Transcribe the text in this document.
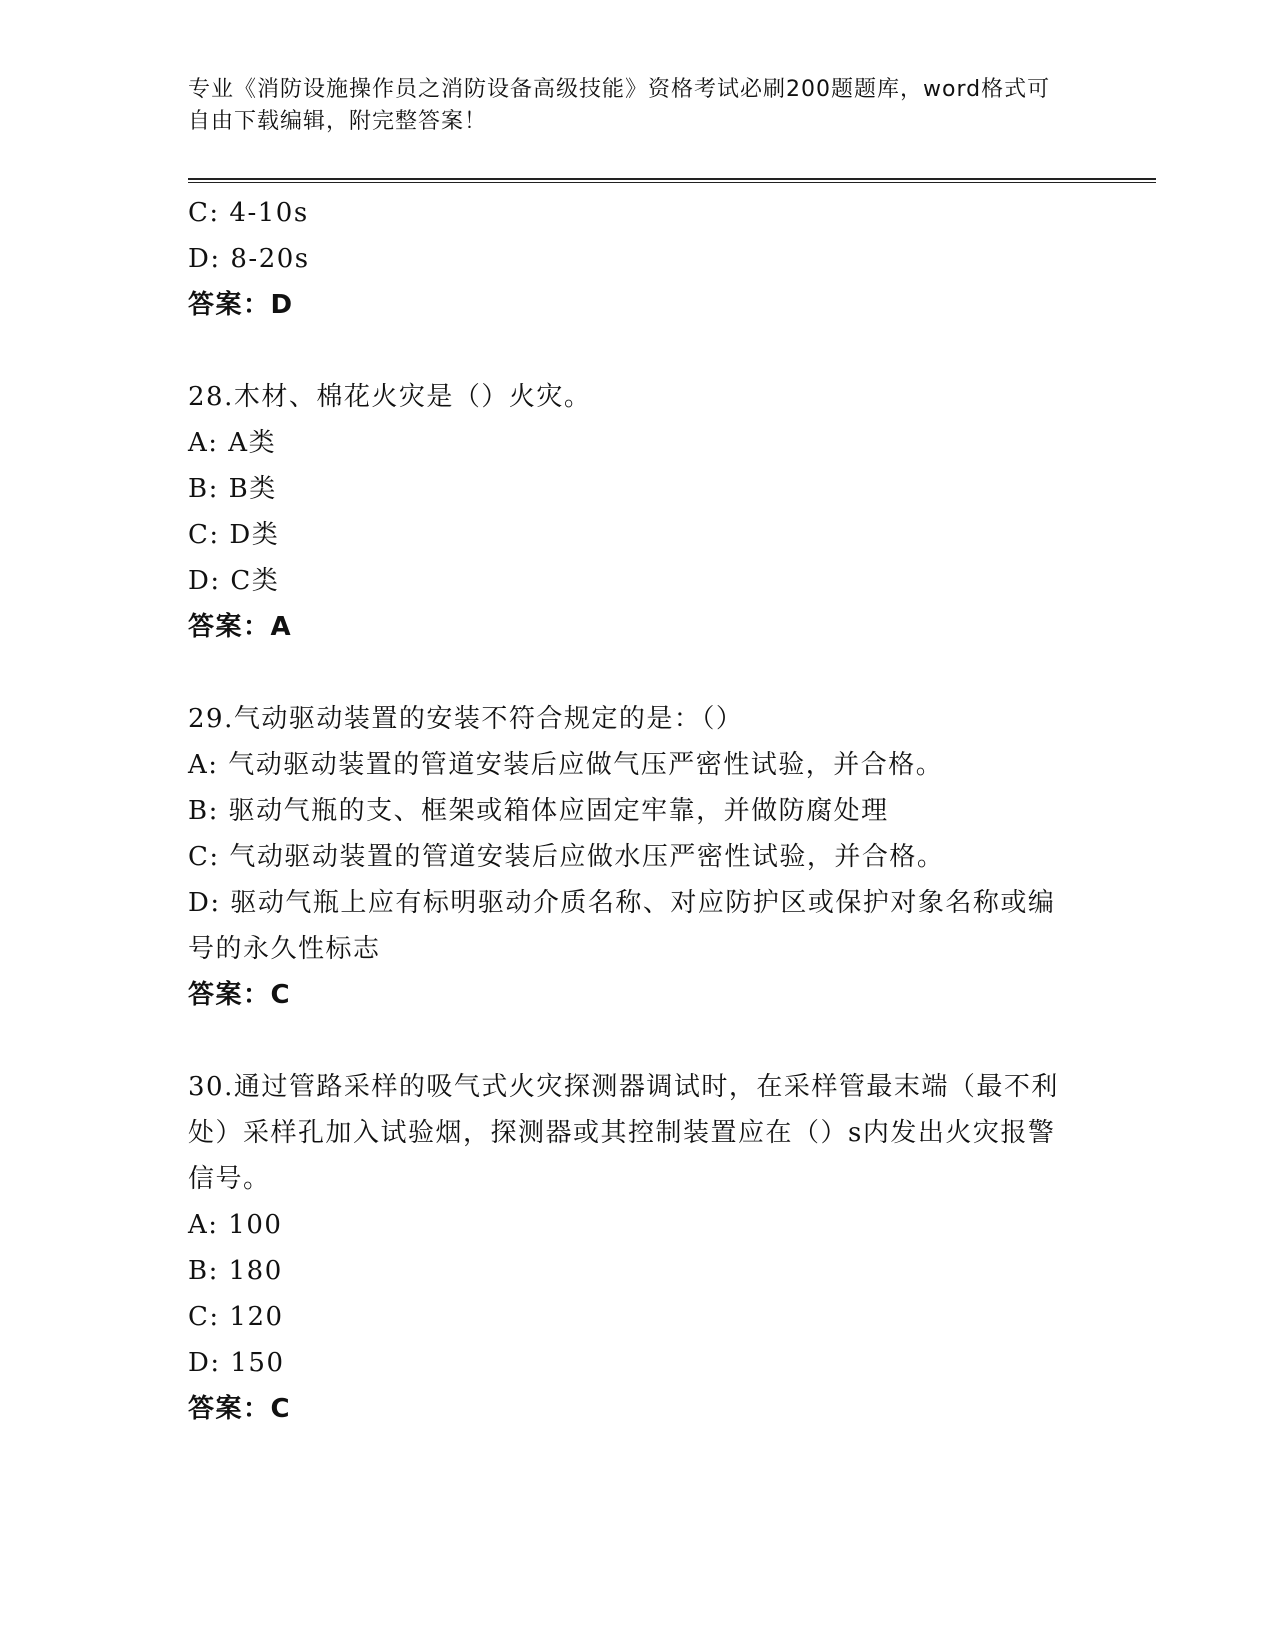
专业《消防设施操作员之消防设备高级技能》资格考试必刷200题题库，word格式可自由下载编辑，附完整答案！
C: 4-10s
D: 8-20s
答案：D
28.木材、棉花火灾是（）火灾。
A: A类
B: B类
C: D类
D: C类
答案：A
29.气动驱动装置的安装不符合规定的是：（）
A: 气动驱动装置的管道安装后应做气压严密性试验，并合格。
B: 驱动气瓶的支、框架或箱体应固定牢靠，并做防腐处理
C: 气动驱动装置的管道安装后应做水压严密性试验，并合格。
D: 驱动气瓶上应有标明驱动介质名称、对应防护区或保护对象名称或编号的永久性标志
答案：C
30.通过管路采样的吸气式火灾探测器调试时，在采样管最末端（最不利处）采样孔加入试验烟，探测器或其控制装置应在（）s内发出火灾报警信号。
A: 100
B: 180
C: 120
D: 150
答案：C
